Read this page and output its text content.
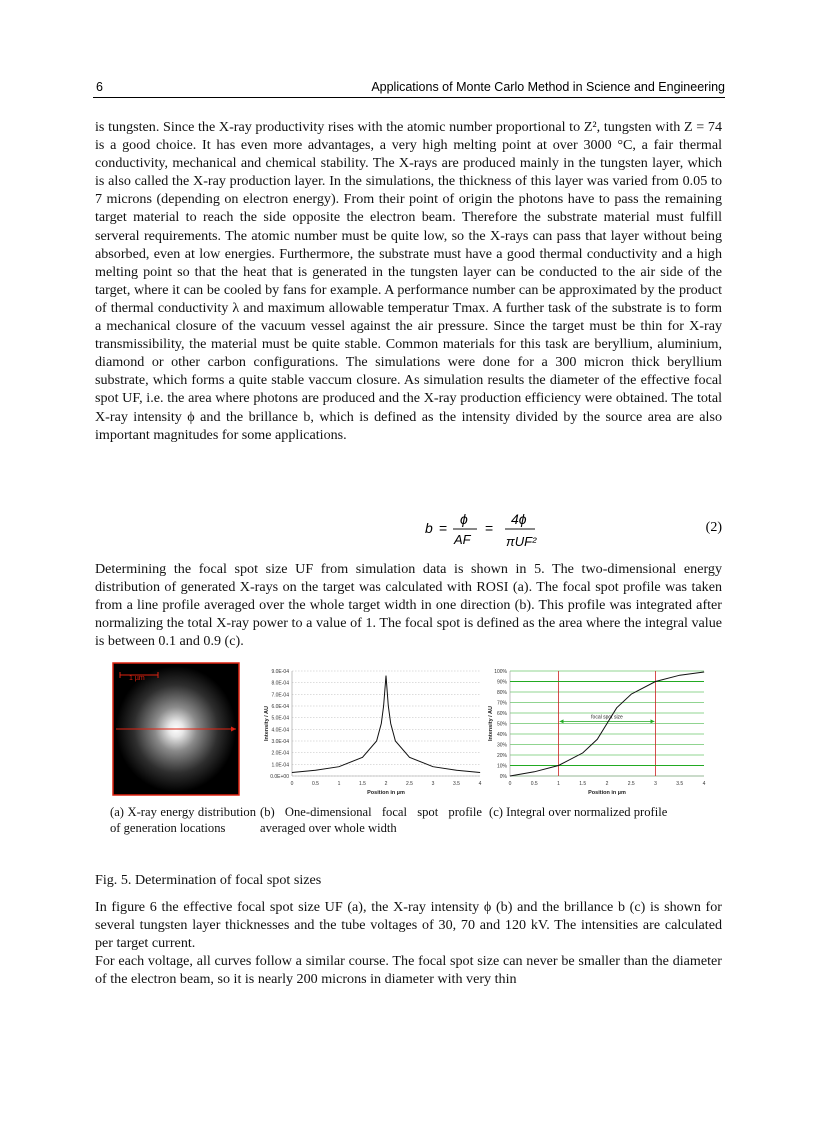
6	Applications of Monte Carlo Method in Science and Engineering

is tungsten. Since the X-ray productivity rises with the atomic number proportional to Z², tungsten with Z = 74 is a good choice. It has even more advantages, a very high melting point at over 3000 °C, a fair thermal conductivity, mechanical and chemical stability. The X-rays are produced mainly in the tungsten layer, which is also called the X-ray production layer. In the simulations, the thickness of this layer was varied from 0.05 to 7 microns (depending on electron energy). From their point of origin the photons have to pass the remaining target material to reach the side opposite the electron beam. Therefore the substrate material must fulfill serveral requirements. The atomic number must be quite low, so the X-rays can pass that layer without being absorbed, even at low energies. Furthermore, the substrate must have a good thermal conductivity and a high melting point so that the heat that is generated in the tungsten layer can be conducted to the air side of the target, where it can be cooled by fans for example. A performance number can be approximated by the product of thermal conductivity λ and maximum allowable temperatur Tmax. A further task of the substrate is to form a mechanical closure of the vacuum vessel against the air pressure. Since the target must be thin for X-ray transmissibility, the material must be quite stable. Common materials for this task are beryllium, aluminium, diamond or other carbon configurations. The simulations were done for a 300 micron thick beryllium substrate, which forms a quite stable vaccum closure. As simulation results the diameter of the effective focal spot UF, i.e. the area where photons are produced and the X-ray production efficiency were obtained. The total X-ray intensity ϕ and the brillance b, which is defined as the intensity divided by the source area are also important magnitudes for some applications.

b =
ϕ
AF
=
4ϕ
πUF²
(2)

Determining the focal spot size UF from simulation data is shown in 5. The two-dimensional energy distribution of generated X-rays on the target was calculated with ROSI (a). The focal spot profile was taken from a line profile averaged over the whole target width in one direction (b). This profile was integrated after normalizing the total X-ray power to a value of 1. The focal spot is defined as the area where the integral value is between 0.1 and 0.9 (c).

1 µm
9.0E-04
8.0E-04
7.0E-04
6.0E-04
5.0E-04
4.0E-04
3.0E-04
2.0E-04
1.0E-04
0.0E+00
0	0.5	1	1.5	2	2.5	3	3.5	4
Position in µm
Intensity / AU
100%
90%
80%
70%
60%
50%
40%
30%
20%
10%
0%
0	0.5	1	1.5	2	2.5	3	3.5	4
Position in µm
Intensity / AU	focal spot size
(a) X-ray energy distribution of generation locations
(b) One-dimensional focal spot profile averaged over whole width
(c) Integral over normalized profile
Fig. 5. Determination of focal spot sizes

In figure 6 the effective focal spot size UF (a), the X-ray intensity ϕ (b) and the brillance b (c) is shown for several tungsten layer thicknesses and the tube voltages of 30, 70 and 120 kV. The intensities are calculated per target current.

For each voltage, all curves follow a similar course. The focal spot size can never be smaller than the diameter of the electron beam, so it is nearly 200 microns in diameter with very thin
